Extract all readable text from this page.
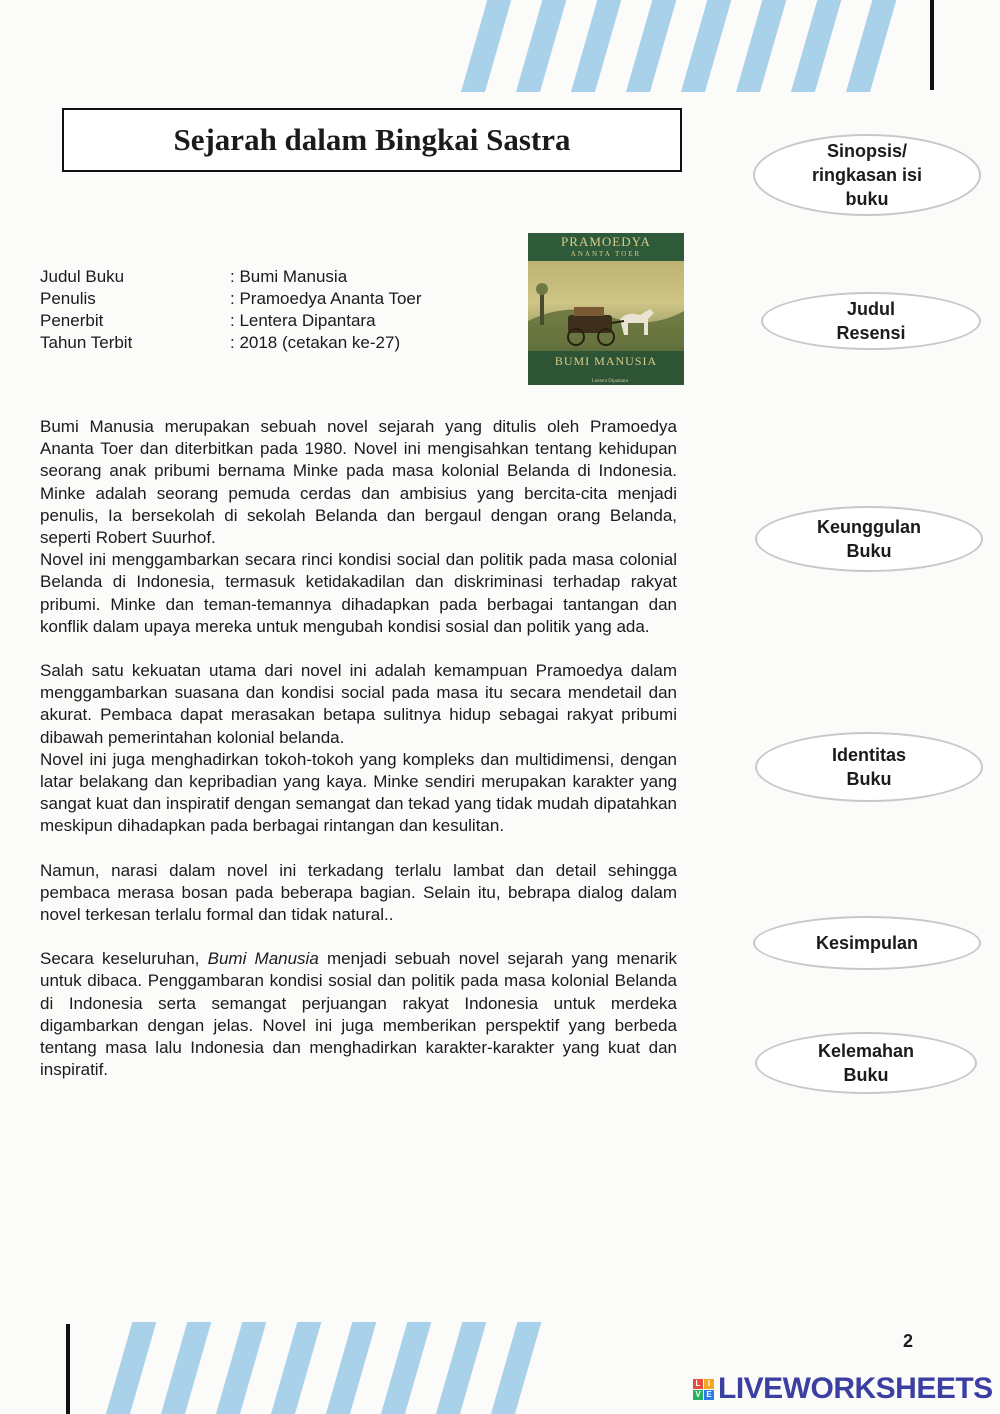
Sejarah dalam Bingkai Sastra
Judul Buku	: Bumi Manusia
Penulis	: Pramoedya Ananta Toer
Penerbit	: Lentera Dipantara
Tahun Terbit	: 2018 (cetakan ke-27)
PRAMOEDYA
ANANTA TOER
BUMI MANUSIA
Lentera Dipantara

Bumi Manusia merupakan sebuah novel sejarah yang ditulis oleh Pramoedya Ananta Toer dan diterbitkan pada 1980. Novel ini mengisahkan tentang kehidupan seorang anak pribumi bernama Minke pada masa kolonial Belanda di Indonesia. Minke adalah seorang pemuda cerdas dan ambisius yang bercita-cita menjadi penulis, Ia bersekolah di sekolah Belanda dan bergaul dengan orang Belanda, seperti Robert Suurhof.

Novel ini menggambarkan secara rinci kondisi social dan politik pada masa colonial Belanda di Indonesia, termasuk ketidakadilan dan diskriminasi terhadap rakyat pribumi. Minke dan teman-temannya dihadapkan pada berbagai tantangan dan konflik dalam upaya mereka untuk mengubah kondisi sosial dan politik yang ada.

Salah satu kekuatan utama dari novel ini adalah kemampuan Pramoedya dalam menggambarkan suasana dan kondisi social pada masa itu secara mendetail dan akurat. Pembaca dapat merasakan betapa sulitnya hidup sebagai rakyat pribumi dibawah pemerintahan kolonial belanda.

Novel ini juga menghadirkan tokoh-tokoh yang kompleks dan multidimensi, dengan latar belakang dan kepribadian yang kaya. Minke sendiri merupakan karakter yang sangat kuat dan inspiratif dengan semangat dan tekad yang tidak mudah dipatahkan meskipun dihadapkan pada berbagai rintangan dan kesulitan.

Namun, narasi dalam novel ini terkadang terlalu lambat dan detail sehingga pembaca merasa bosan pada beberapa bagian. Selain itu, bebrapa dialog dalam novel terkesan terlalu formal dan tidak natural..

Secara keseluruhan, Bumi Manusia menjadi sebuah novel sejarah yang menarik untuk dibaca. Penggambaran kondisi sosial dan politik pada masa kolonial Belanda di Indonesia serta semangat perjuangan rakyat Indonesia untuk merdeka digambarkan dengan jelas. Novel ini juga memberikan perspektif yang berbeda tentang masa lalu Indonesia dan menghadirkan karakter-karakter yang kuat dan inspiratif.

Sinopsis/ ringkasan isi buku
Judul Resensi
Keunggulan Buku
Identitas Buku
Kesimpulan
Kelemahan Buku
2
L I
V E LIVEWORKSHEETS
